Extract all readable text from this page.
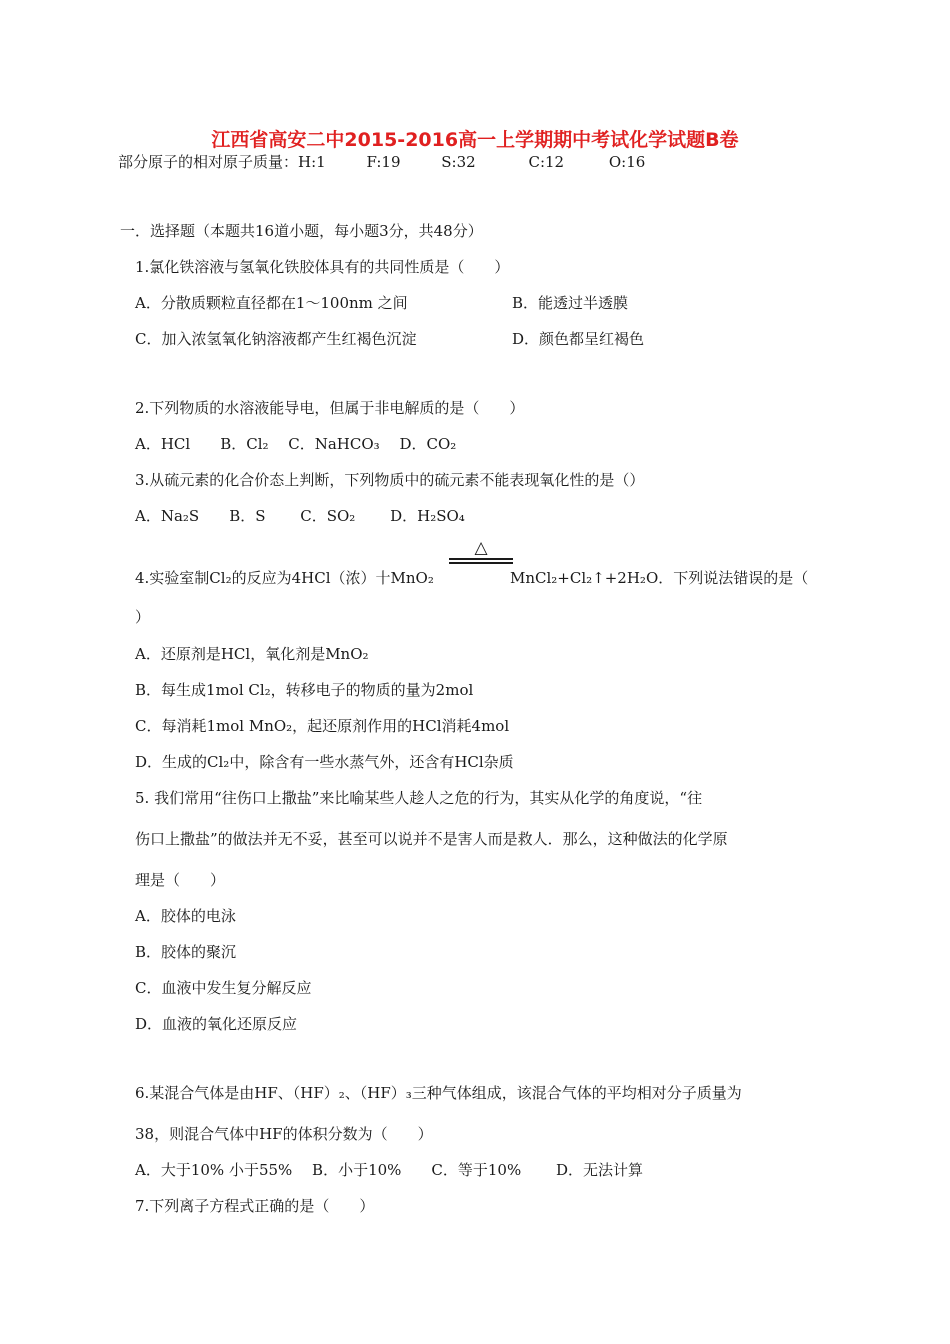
江西省高安二中2015-2016高一上学期期中考试化学试题B卷
部分原子的相对原子质量：H:1	F:19	S:32	C:12	O:16
一．选择题（本题共16道小题，每小题3分，共48分）
1.氯化铁溶液与氢氧化铁胶体具有的共同性质是（　　）
A．分散质颗粒直径都在1～100nm 之间	B．能透过半透膜
C．加入浓氢氧化钠溶液都产生红褐色沉淀	D．颜色都呈红褐色
2.下列物质的水溶液能导电，但属于非电解质的是（　　）
A．HCl　　B．Cl₂　 C．NaHCO₃　 D．CO₂
3.从硫元素的化合价态上判断，下列物质中的硫元素不能表现氧化性的是（）
A．Na₂S　　B．S　　 C．SO₂　　 D．H₂SO₄
△
4.实验室制Cl₂的反应为4HCl（浓）十MnO₂	MnCl₂+Cl₂↑+2H₂O．下列说法错误的是（
）
A．还原剂是HCl，氧化剂是MnO₂
B．每生成1mol Cl₂，转移电子的物质的量为2mol
C．每消耗1mol MnO₂，起还原剂作用的HCl消耗4mol
D．生成的Cl₂中，除含有一些水蒸气外，还含有HCl杂质
5. 我们常用“往伤口上撒盐”来比喻某些人趁人之危的行为，其实从化学的角度说，“往
伤口上撒盐”的做法并无不妥，甚至可以说并不是害人而是救人．那么，这种做法的化学原
理是（　　）
A．胶体的电泳
B．胶体的聚沉
C．血液中发生复分解反应
D．血液的氧化还原反应
6.某混合气体是由HF、（HF）₂、（HF）₃三种气体组成，该混合气体的平均相对分子质量为
38，则混合气体中HF的体积分数为（　　）
A．大于10% 小于55%　 B．小于10%　　C．等于10%　　 D．无法计算
7.下列离子方程式正确的是（　　）
